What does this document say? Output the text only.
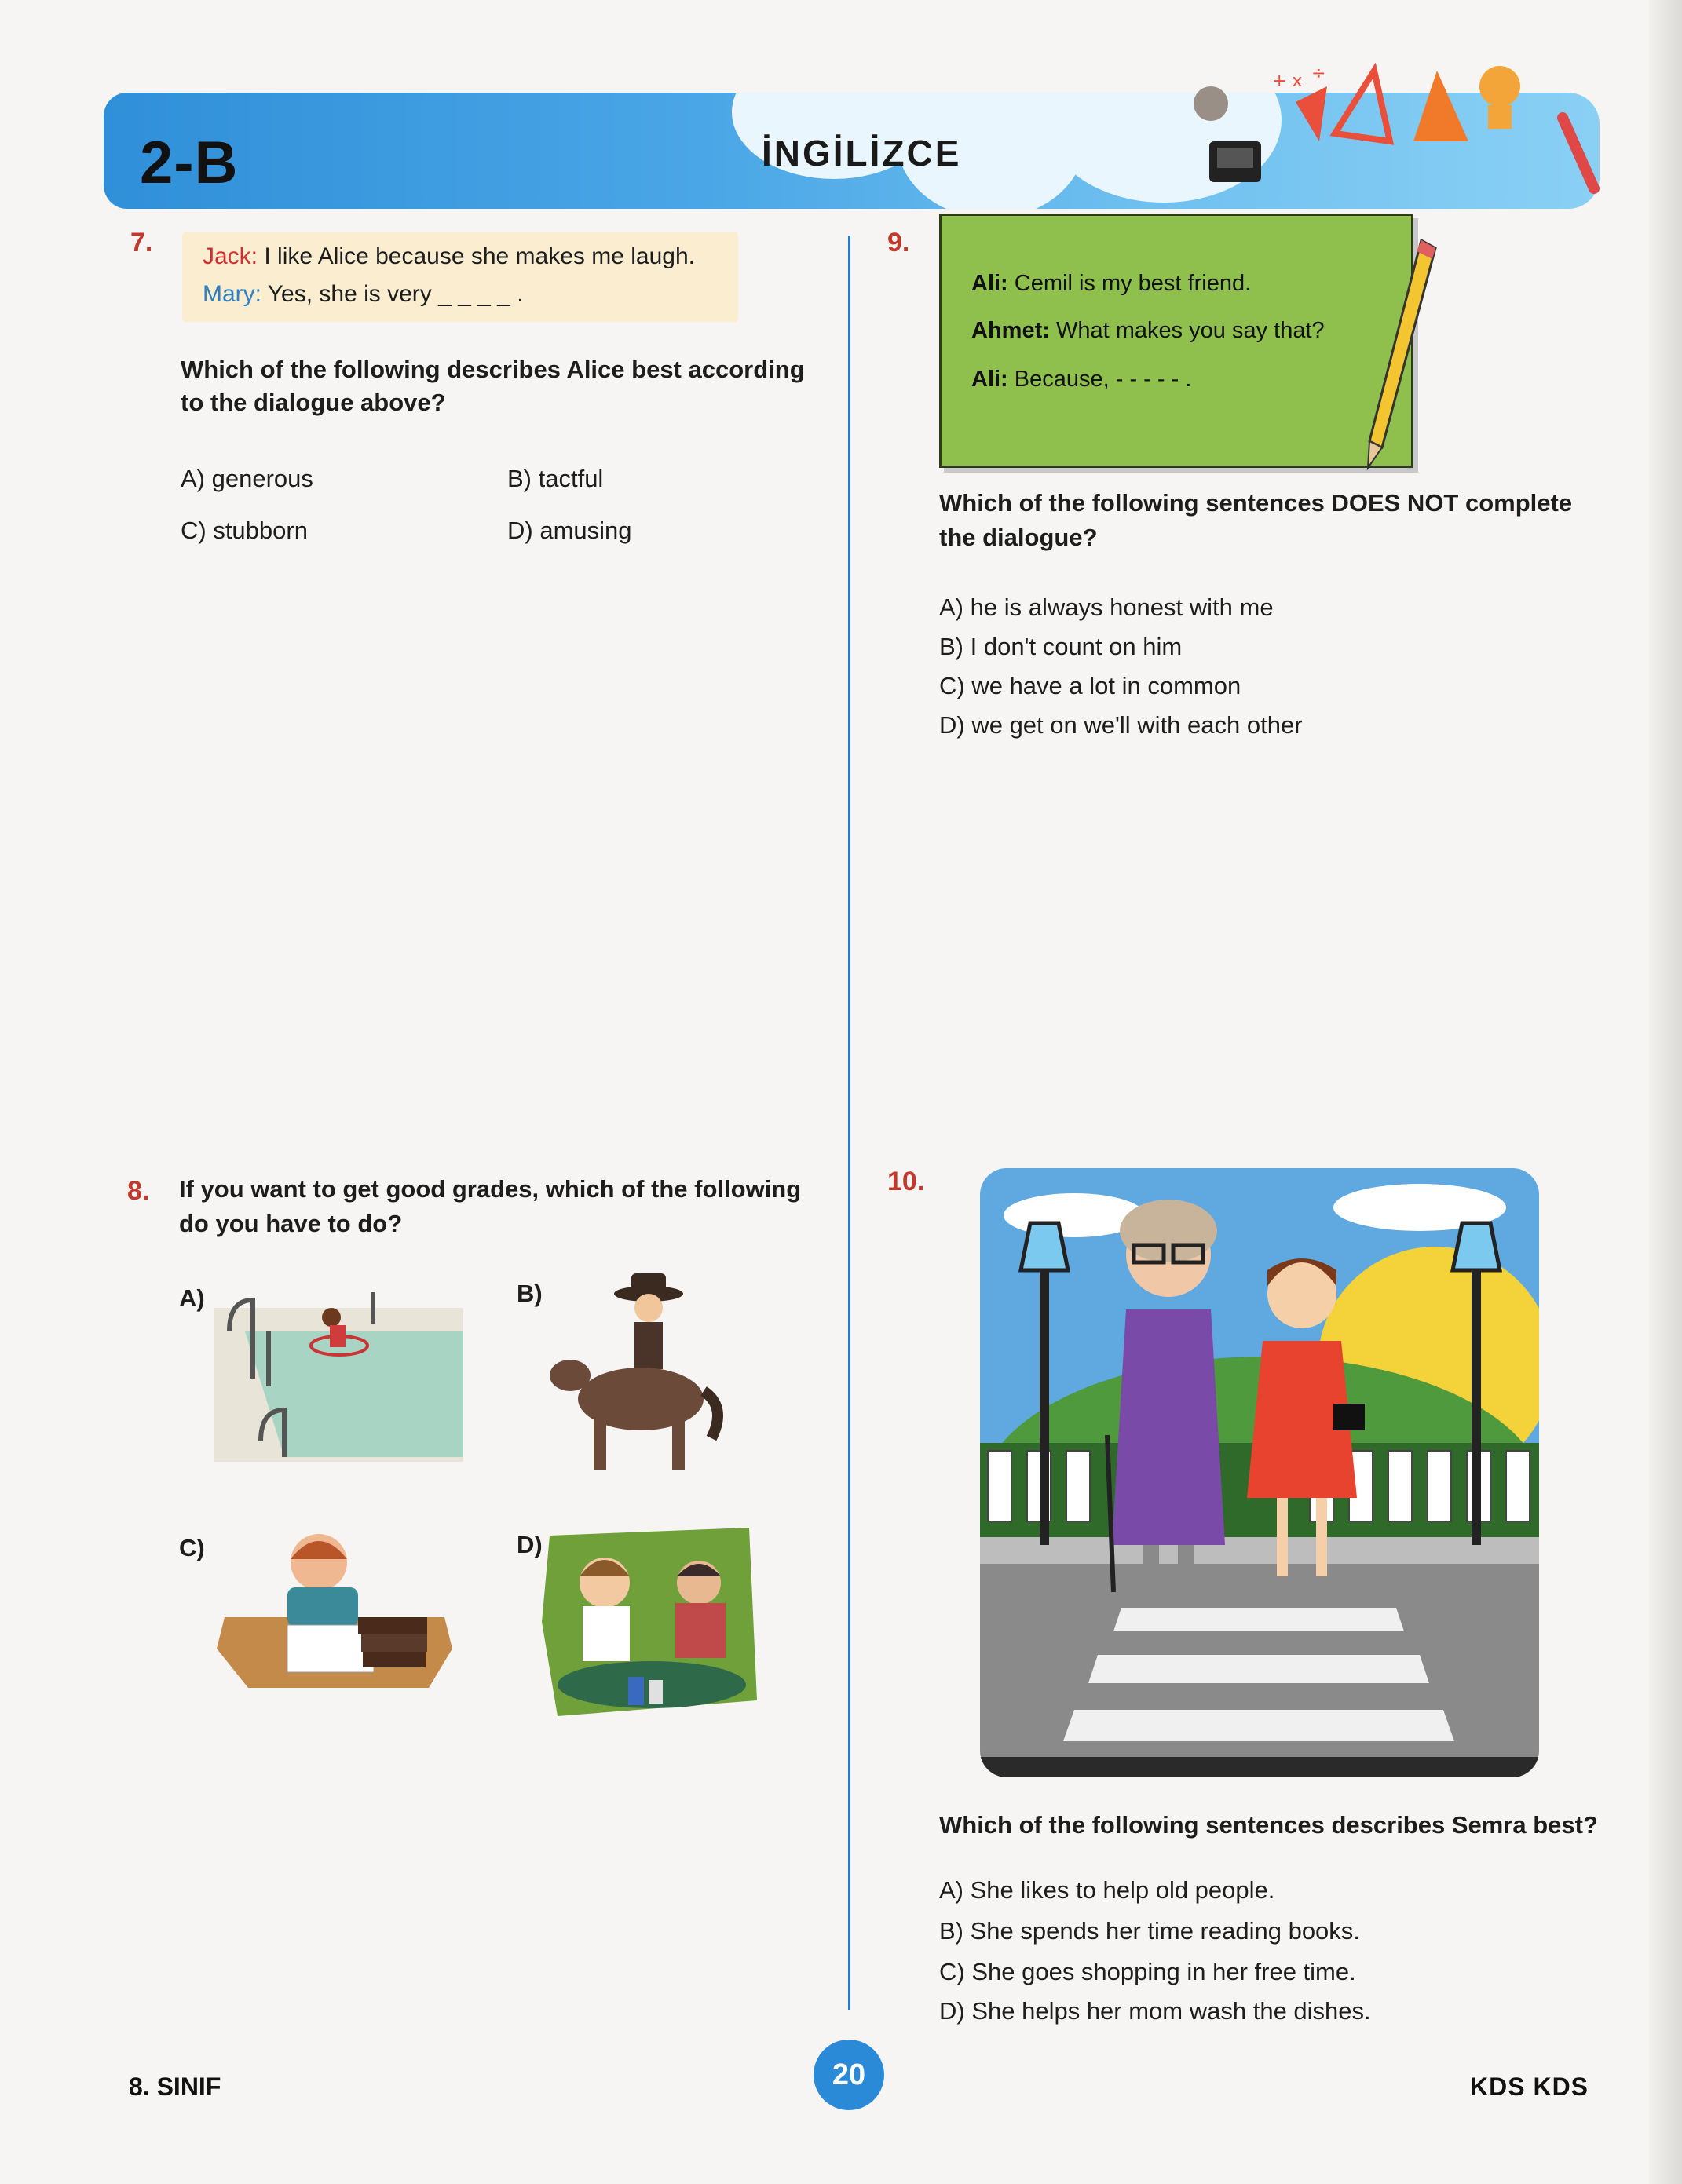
2-B	İNGİLİZCE
+ x ÷
7. Jack: I like Alice because she makes me laugh.
Mary: Yes, she is very _ _ _ _ .
Which of the following describes Alice best according
to the dialogue above?
A) generous	B) tactful
C) stubborn	D) amusing
8. If you want to get good grades, which of the following
do you have to do?
A)	B)
C)	D)
9.
Ali: Cemil is my best friend.
Ahmet: What makes you say that?
Ali: Because, - - - - - .
Which of the following sentences DOES NOT complete
the dialogue?
A) he is always honest with me
B) I don't count on him
C) we have a lot in common
D) we get on we'll with each other
10.
Which of the following sentences describes Semra best?
A) She likes to help old people.
B) She spends her time reading books.
C) She goes shopping in her free time.
D) She helps her mom wash the dishes.
8. SINIF	20	KDS KDS
